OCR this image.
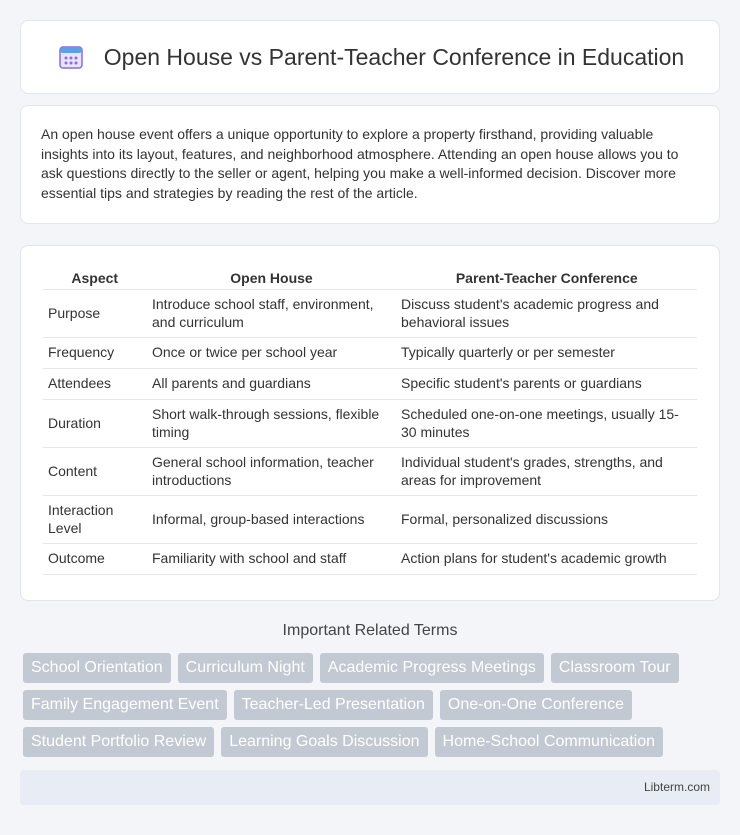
Open House vs Parent-Teacher Conference in Education

An open house event offers a unique opportunity to explore a property firsthand, providing valuable insights into its layout, features, and neighborhood atmosphere. Attending an open house allows you to ask questions directly to the seller or agent, helping you make a well-informed decision. Discover more essential tips and strategies by reading the rest of the article.

Aspect	Open House	Parent-Teacher Conference
Purpose	Introduce school staff, environment, and curriculum	Discuss student's academic progress and behavioral issues
Frequency	Once or twice per school year	Typically quarterly or per semester
Attendees	All parents and guardians	Specific student's parents or guardians
Duration	Short walk-through sessions, flexible timing	Scheduled one-on-one meetings, usually 15-30 minutes
Content	General school information, teacher introductions	Individual student's grades, strengths, and areas for improvement
Interaction Level	Informal, group-based interactions	Formal, personalized discussions
Outcome	Familiarity with school and staff	Action plans for student's academic growth
Important Related Terms
School Orientation	Curriculum Night	Academic Progress Meetings	Classroom Tour
Family Engagement Event	Teacher-Led Presentation	One-on-One Conference
Student Portfolio Review	Learning Goals Discussion	Home-School Communication
Libterm.com
